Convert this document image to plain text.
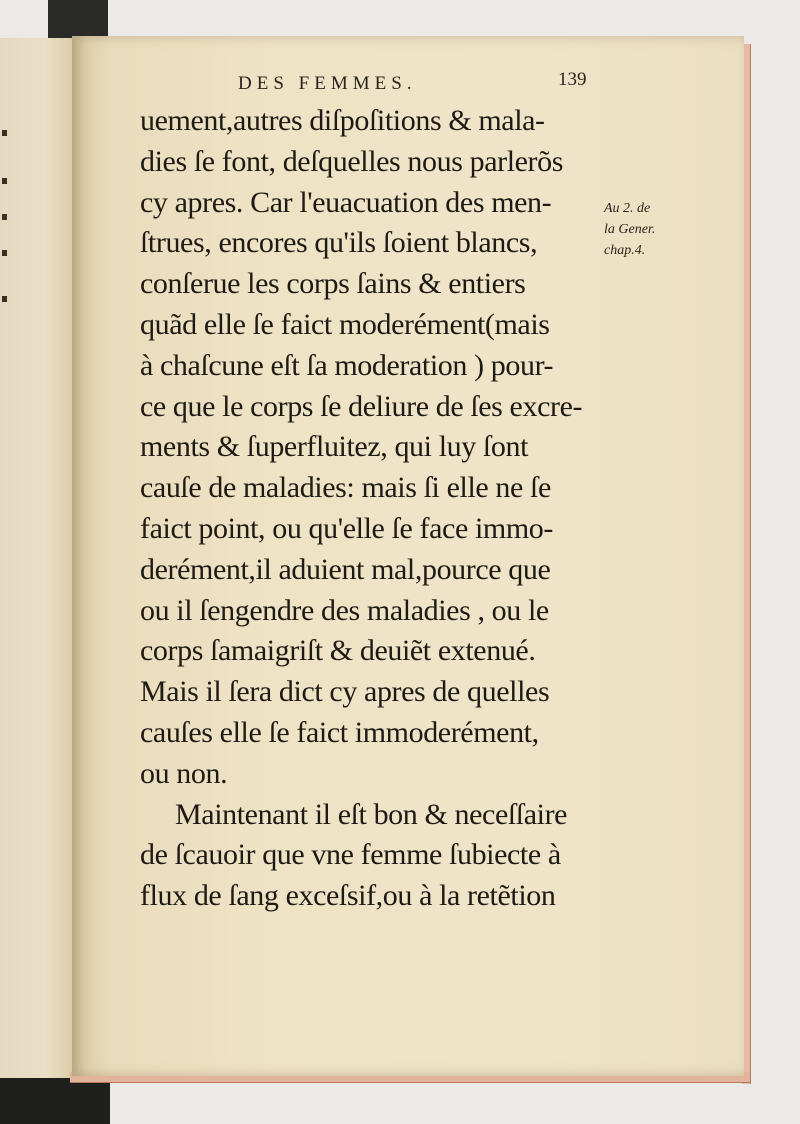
DES FEMMES.	139
uement,autres diſpoſitions & mala-
dies ſe font, deſquelles nous parlerõs
cy apres. Car l'euacuation des men-
ſtrues, encores qu'ils ſoient blancs,
conſerue les corps ſains & entiers
quãd elle ſe faict moderément(mais
à chaſcune eſt ſa moderation ) pour-
ce que le corps ſe deliure de ſes excre-
ments & ſuperfluitez, qui luy ſont
cauſe de maladies: mais ſi elle ne ſe
faict point, ou qu'elle ſe face immo-
derément,il aduient mal,pource que
ou il ſengendre des maladies , ou le
corps ſamaigriſt & deuiẽt extenué.
Mais il ſera dict cy apres de quelles
cauſes elle ſe faict immoderément,
ou non.
Maintenant il eſt bon & neceſſaire
de ſcauoir que vne femme ſubiecte à
flux de ſang exceſsif,ou à la retẽtion
Au 2. de
la Gener.
chap.4.
